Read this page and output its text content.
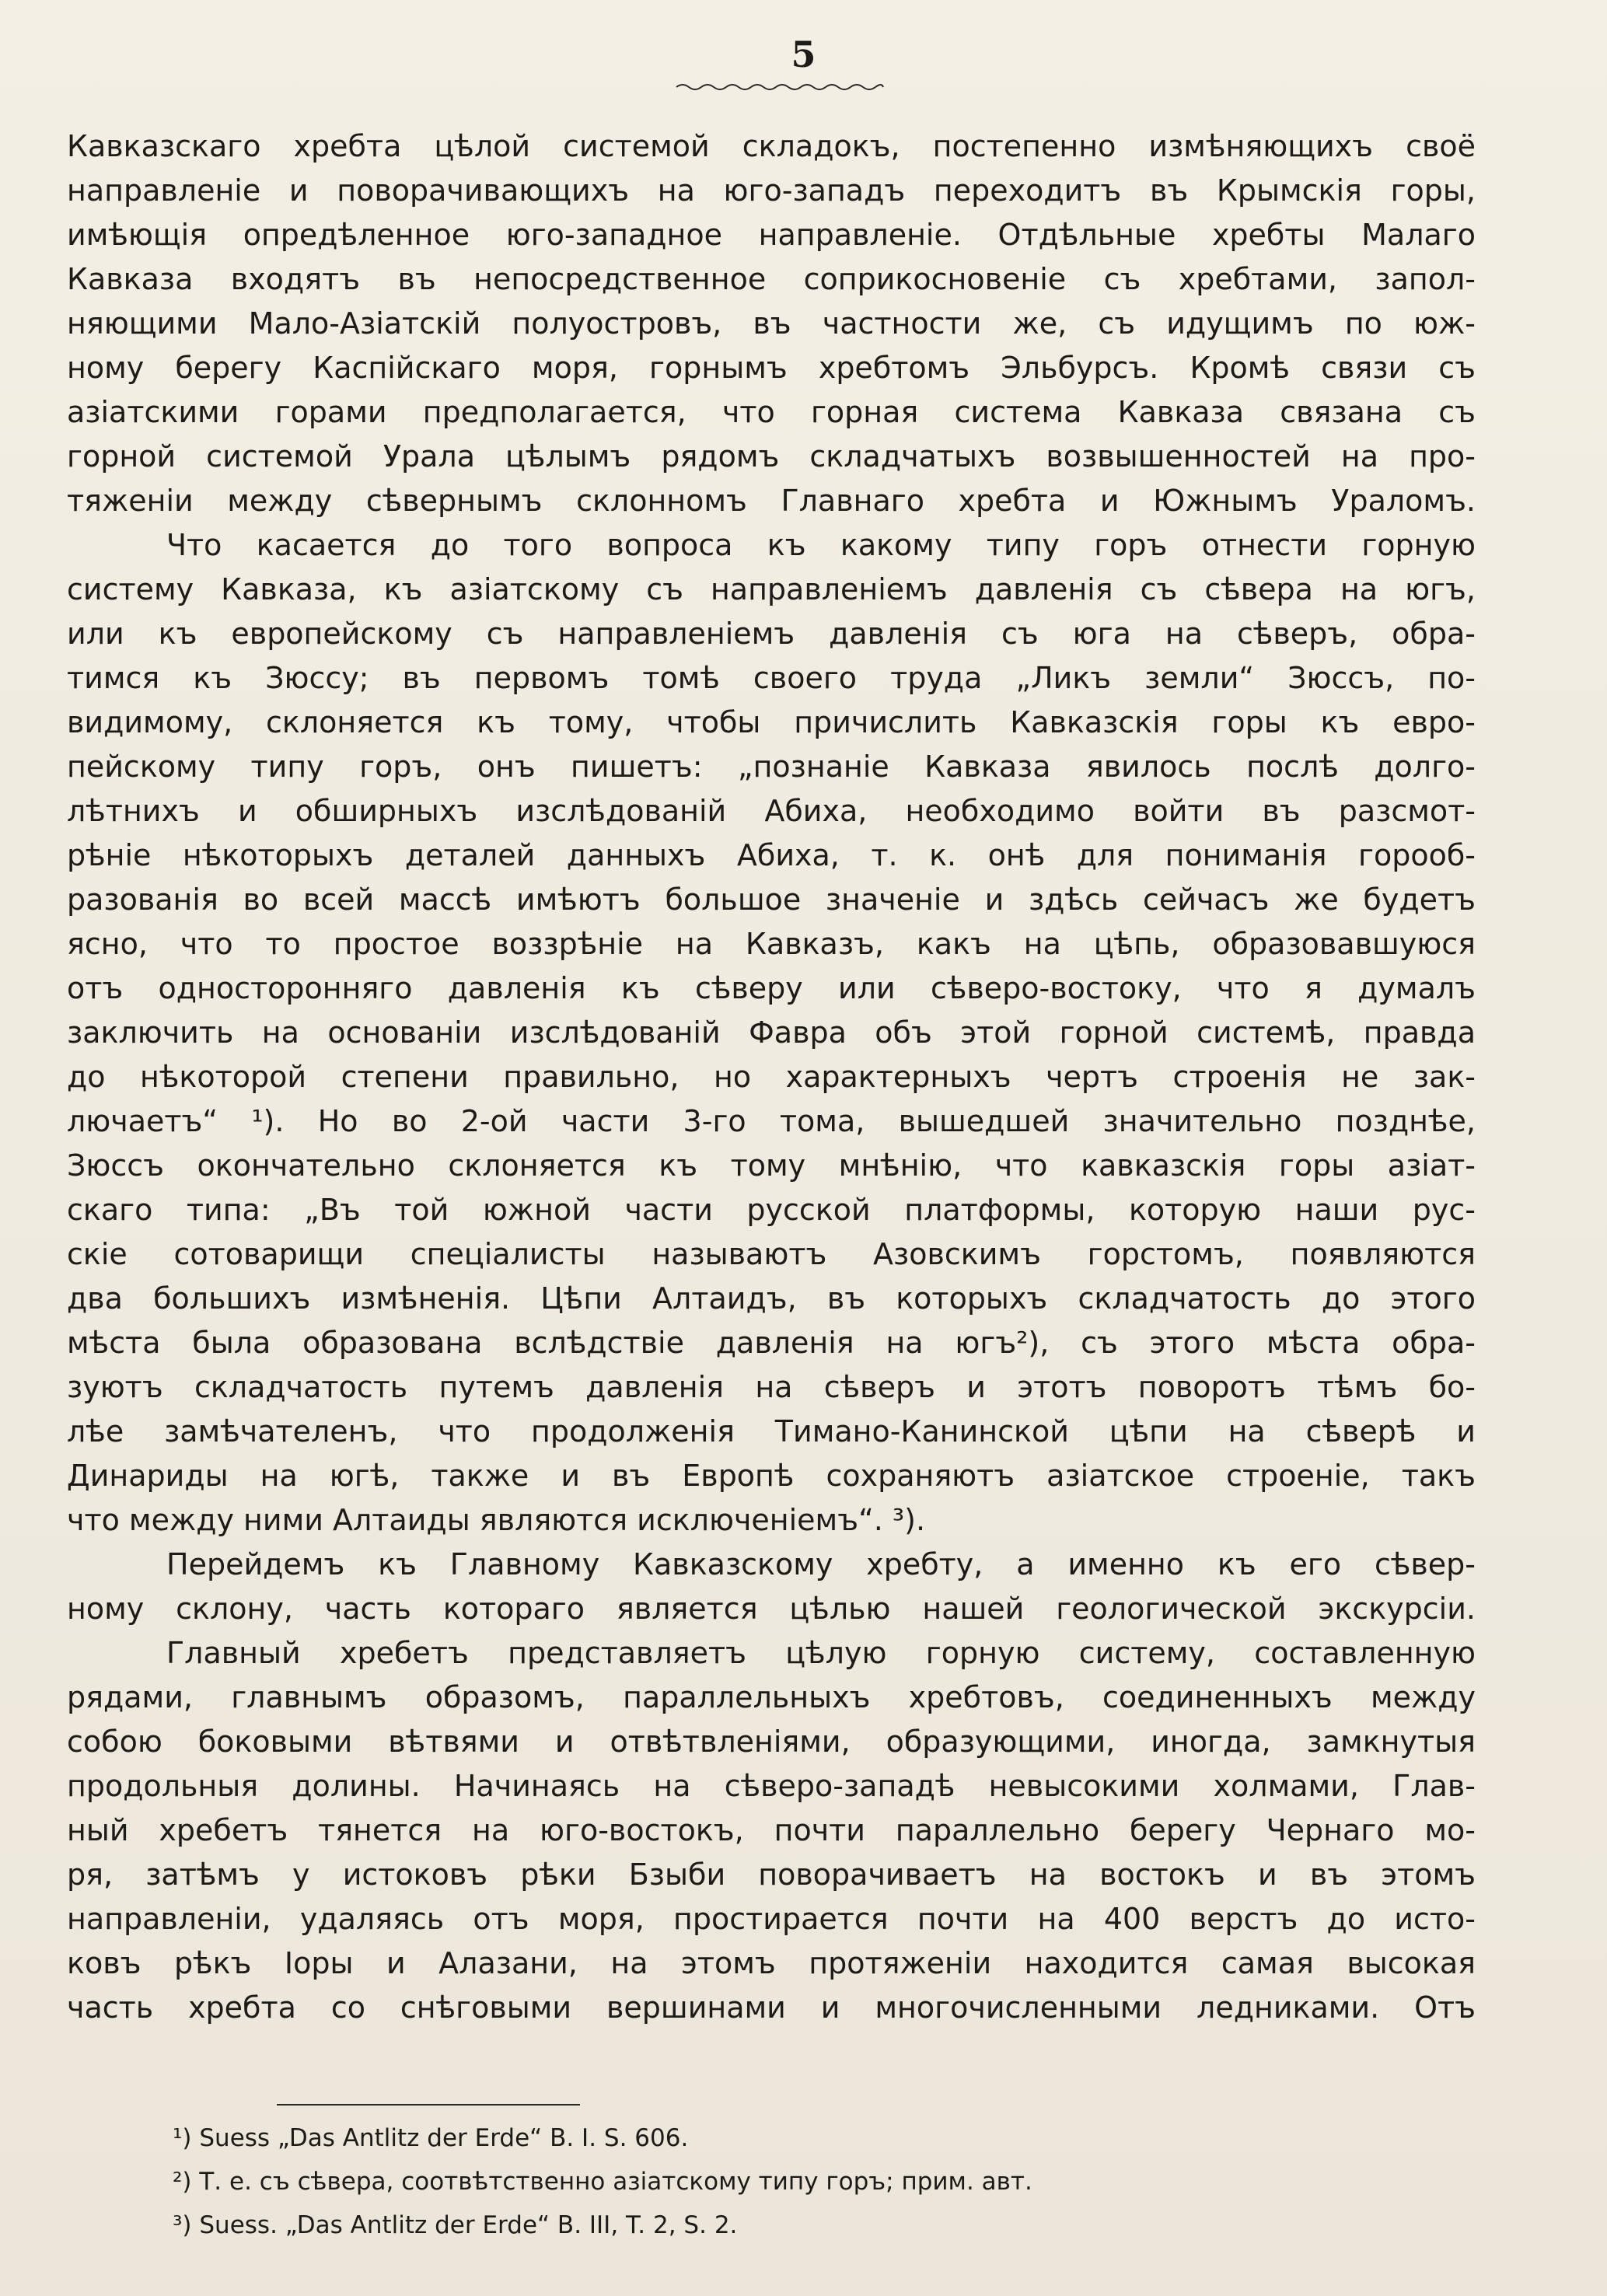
5
Кавказскаго хребта цѣлой системой складокъ, постепенно измѣняющихъ своё
направленіе и поворачивающихъ на юго-западъ переходитъ въ Крымскія горы,
имѣющія опредѣленное юго-западное направленіе. Отдѣльные хребты Малаго
Кавказа входятъ въ непосредственное соприкосновеніе съ хребтами, запол-
няющими Мало-Азіатскій полуостровъ, въ частности же, съ идущимъ по юж-
ному берегу Каспійскаго моря, горнымъ хребтомъ Эльбурсъ. Кромѣ связи съ
азіатскими горами предполагается, что горная система Кавказа связана съ
горной системой Урала цѣлымъ рядомъ складчатыхъ возвышенностей на про-
тяженіи между сѣвернымъ склонномъ Главнаго хребта и Южнымъ Ураломъ.
Что касается до того вопроса къ какому типу горъ отнести горную
систему Кавказа, къ азіатскому съ направленіемъ давленія съ сѣвера на югъ,
или къ европейскому съ направленіемъ давленія съ юга на сѣверъ, обра-
тимся къ Зюссу; въ первомъ томѣ своего труда „Ликъ земли“ Зюссъ, по-
видимому, склоняется къ тому, чтобы причислить Кавказскія горы къ евро-
пейскому типу горъ, онъ пишетъ: „познаніе Кавказа явилось послѣ долго-
лѣтнихъ и обширныхъ изслѣдованій Абиха, необходимо войти въ разсмот-
рѣніе нѣкоторыхъ деталей данныхъ Абиха, т. к. онѣ для пониманія горооб-
разованія во всей массѣ имѣютъ большое значеніе и здѣсь сейчасъ же будетъ
ясно, что то простое воззрѣніе на Кавказъ, какъ на цѣпь, образовавшуюся
отъ односторонняго давленія къ сѣверу или сѣверо-востоку, что я думалъ
заключить на основаніи изслѣдованій Фавра объ этой горной системѣ, правда
до нѣкоторой степени правильно, но характерныхъ чертъ строенія не зак-
лючаетъ“ ¹). Но во 2-ой части 3-го тома, вышедшей значительно позднѣе,
Зюссъ окончательно склоняется къ тому мнѣнію, что кавказскія горы азіат-
скаго типа: „Въ той южной части русской платформы, которую наши рус-
скіе сотоварищи спеціалисты называютъ Азовскимъ горстомъ, появляются
два большихъ измѣненія. Цѣпи Алтаидъ, въ которыхъ складчатость до этого
мѣста была образована вслѣдствіе давленія на югъ²), съ этого мѣста обра-
зуютъ складчатость путемъ давленія на сѣверъ и этотъ поворотъ тѣмъ бо-
лѣе замѣчателенъ, что продолженія Тимано-Канинской цѣпи на сѣверѣ и
Динариды на югѣ, также и въ Европѣ сохраняютъ азіатское строеніе, такъ
что между ними Алтаиды являются исключеніемъ“. ³).
Перейдемъ къ Главному Кавказскому хребту, а именно къ его сѣвер-
ному склону, часть котораго является цѣлью нашей геологической экскурсіи.
Главный хребетъ представляетъ цѣлую горную систему, составленную
рядами, главнымъ образомъ, параллельныхъ хребтовъ, соединенныхъ между
собою боковыми вѣтвями и отвѣтвленіями, образующими, иногда, замкнутыя
продольныя долины. Начинаясь на сѣверо-западѣ невысокими холмами, Глав-
ный хребетъ тянется на юго-востокъ, почти параллельно берегу Чернаго мо-
ря, затѣмъ у истоковъ рѣки Бзыби поворачиваетъ на востокъ и въ этомъ
направленіи, удаляясь отъ моря, простирается почти на 400 верстъ до исто-
ковъ рѣкъ Іоры и Алазани, на этомъ протяженіи находится самая высокая
часть хребта со снѣговыми вершинами и многочисленными ледниками. Отъ
¹) Suess „Das Antlitz der Erde“ B. I. S. 606.
²) Т. е. съ сѣвера, соотвѣтственно азіатскому типу горъ; прим. авт.
³) Suess. „Das Antlitz der Erde“ B. III, T. 2, S. 2.
